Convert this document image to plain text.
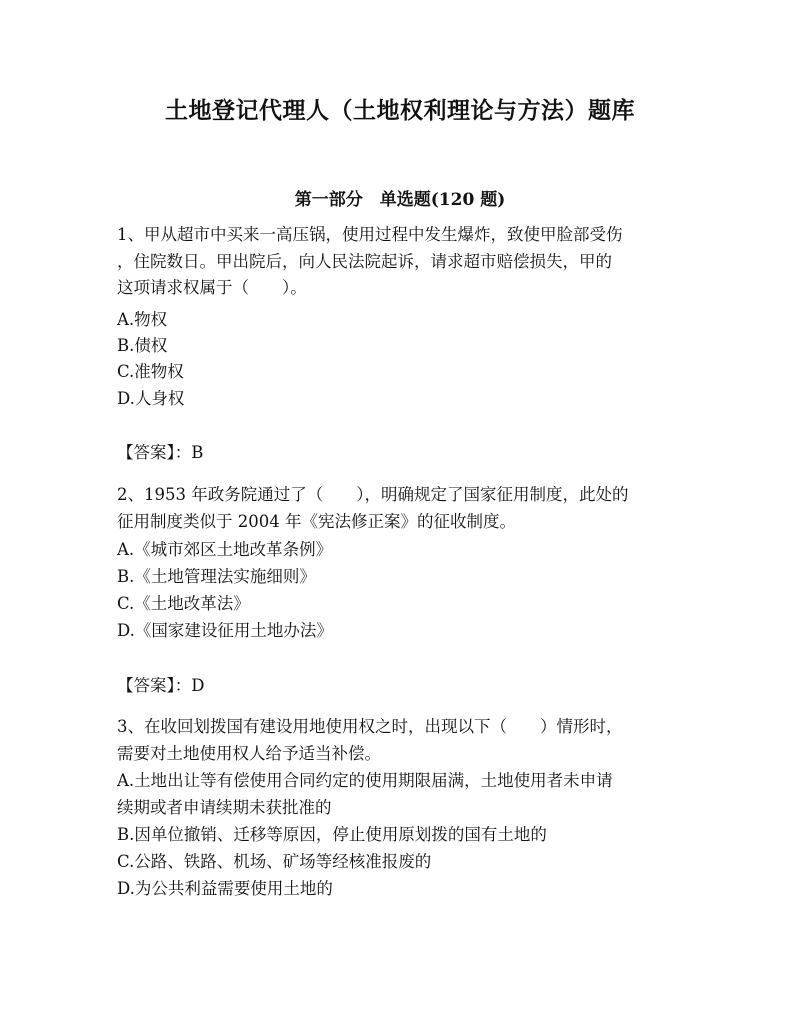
土地登记代理人（土地权利理论与方法）题库
第一部分　单选题(120 题)
1、甲从超市中买来一高压锅，使用过程中发生爆炸，致使甲脸部受伤
，住院数日。甲出院后，向人民法院起诉，请求超市赔偿损失，甲的
这项请求权属于（　　）。
A.物权
B.债权
C.准物权
D.人身权
【答案】：B
2、1953 年政务院通过了（　　），明确规定了国家征用制度，此处的
征用制度类似于 2004 年《宪法修正案》的征收制度。
A.《城市郊区土地改革条例》
B.《土地管理法实施细则》
C.《土地改革法》
D.《国家建设征用土地办法》
【答案】：D
3、在收回划拨国有建设用地使用权之时，出现以下（　　）情形时，
需要对土地使用权人给予适当补偿。
A.土地出让等有偿使用合同约定的使用期限届满，土地使用者未申请
续期或者申请续期未获批准的
B.因单位撤销、迁移等原因，停止使用原划拨的国有土地的
C.公路、铁路、机场、矿场等经核准报废的
D.为公共利益需要使用土地的
